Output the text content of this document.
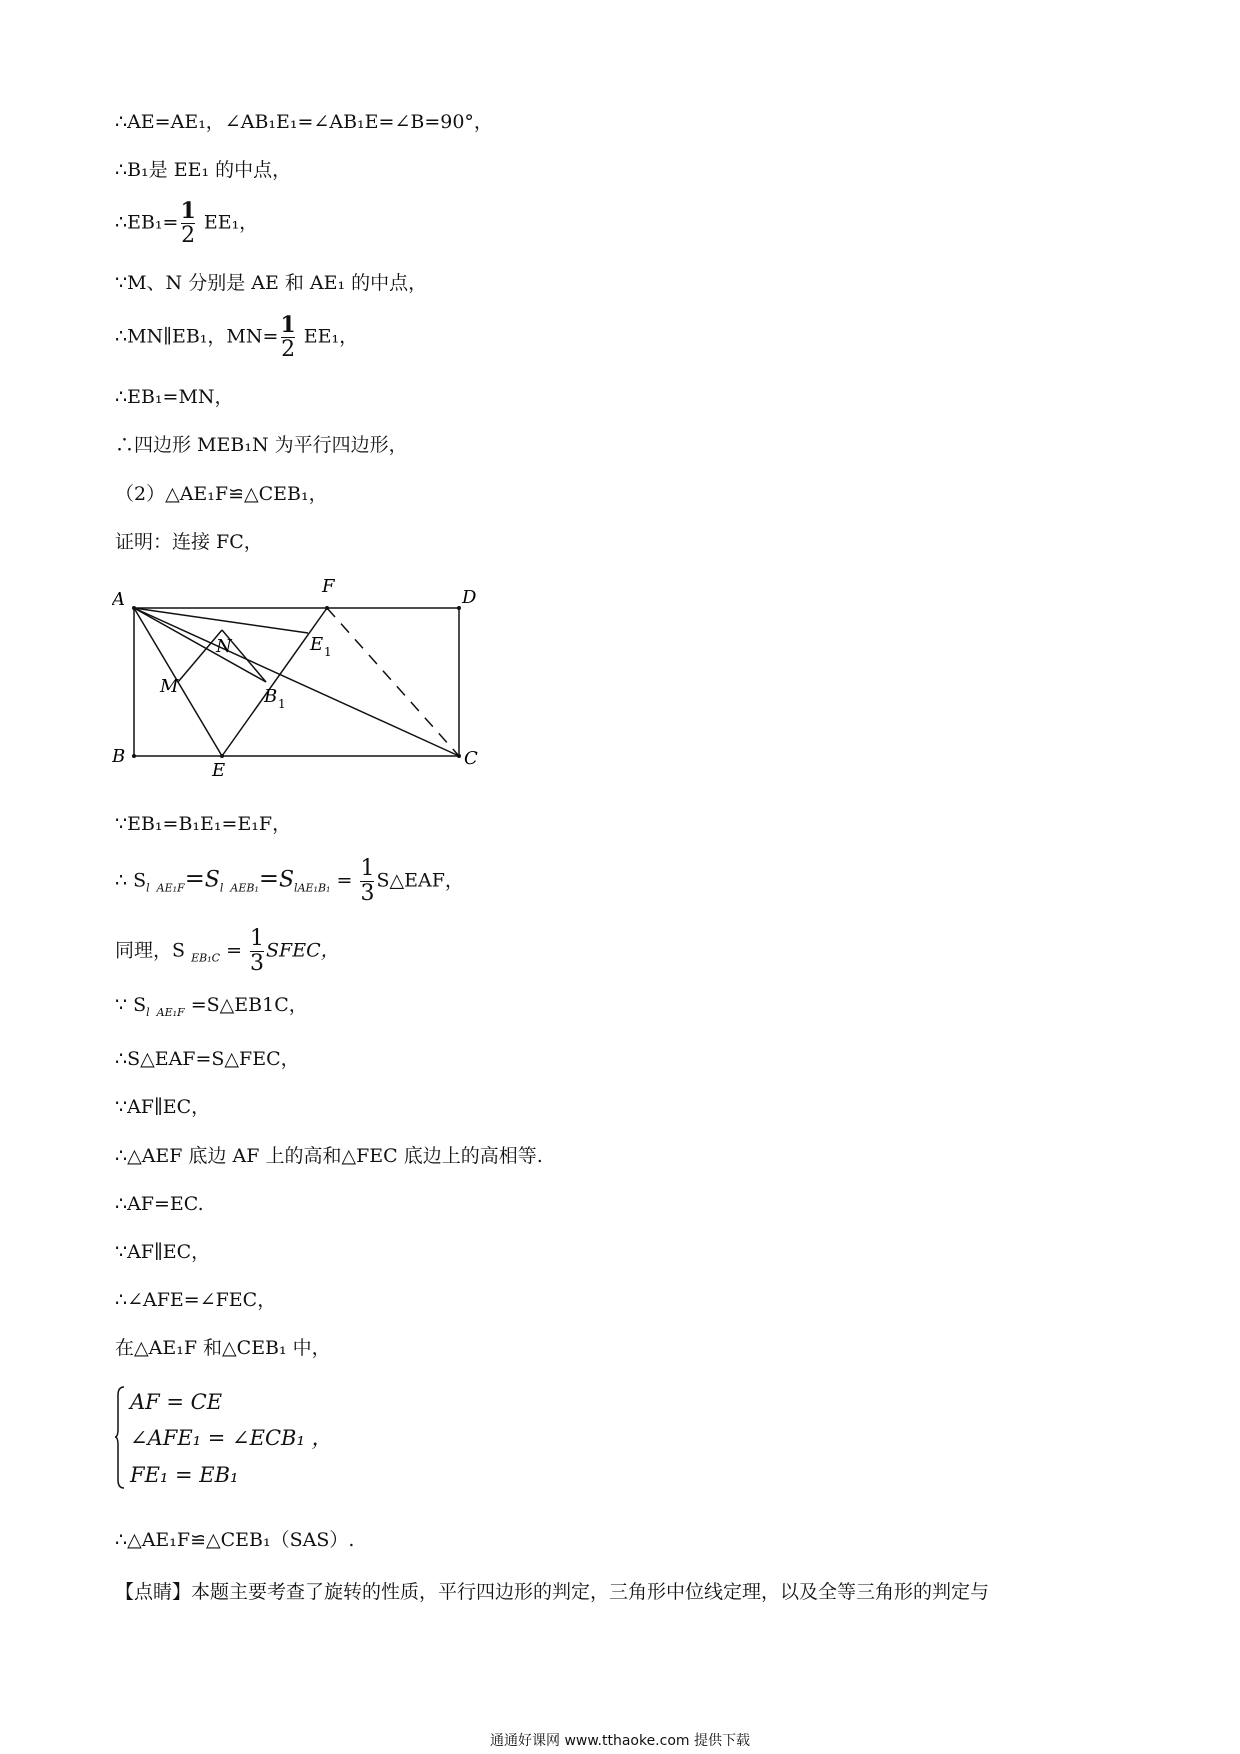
∴AE=AE₁，∠AB₁E₁=∠AB₁E=∠B=90°，
∴B₁是 EE₁ 的中点，
∴EB₁= $\frac{1}{2} EE_1$，
∵M、N 分别是 AE 和 AE₁ 的中点，
∴MN∥EB₁，$MN= \frac{1}{2} EE_1$，
∴EB₁=MN，
∴四边形 MEB₁N 为平行四边形，
（2）△AE₁F≌△CEB₁，
证明：连接 FC，
A
F
D
B
E
C
M
N	E 1
B 1
∵EB₁=B₁E₁=E₁F，
∴ $S_l$  $_{AE_1F}=S_l$  $_{AEB_1}=S_{lAE_1B_1} = \frac{1}{3}$ S△EAF，
同理，S $_{EB_1C} = \frac{1}{3}$ SFEC，
∵ $S_l$  $_{AE_1F}$ =S△EB1C，
∴S△EAF=S△FEC，
∵AF∥EC，
∴△AEF 底边 AF 上的高和△FEC 底边上的高相等.
∴AF=EC.
∵AF∥EC，
∴∠AFE=∠FEC，
在△AE₁F 和△CEB₁ 中，
AF = CE
∠AFE₁ = ∠ECB₁ ，
FE₁ = EB₁
∴△AE₁F≌△CEB₁（SAS）.
【点睛】本题主要考查了旋转的性质，平行四边形的判定，三角形中位线定理，以及全等三角形的判定与
通通好课网 www.tthaoke.com 提供下载
